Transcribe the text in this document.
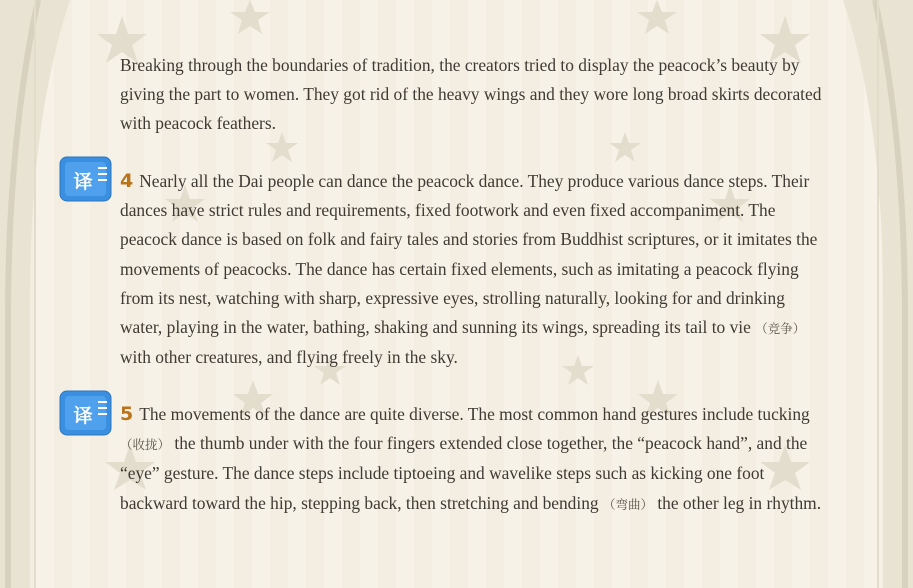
Breaking through the boundaries of tradition, the creators tried to display the peacock’s beauty by giving the part to women. They got rid of the heavy wings and they wore long broad skirts decorated with peacock feathers.
译 4 Nearly all the Dai people can dance the peacock dance. They produce various dance steps. Their dances have strict rules and requirements, fixed footwork and even fixed accompaniment. The peacock dance is based on folk and fairy tales and stories from Buddhist scriptures, or it imitates the movements of peacocks. The dance has certain fixed elements, such as imitating a peacock flying from its nest, watching with sharp, expressive eyes, strolling naturally, looking for and drinking water, playing in the water, bathing, shaking and sunning its wings, spreading its tail to vie （竞争） with other creatures, and flying freely in the sky.
译 5 The movements of the dance are quite diverse. The most common hand gestures include tucking （收拢） the thumb under with the four fingers extended close together, the “peacock hand”, and the “eye” gesture. The dance steps include tiptoeing and wavelike steps such as kicking one foot backward toward the hip, stepping back, then stretching and bending （弯曲） the other leg in rhythm.
